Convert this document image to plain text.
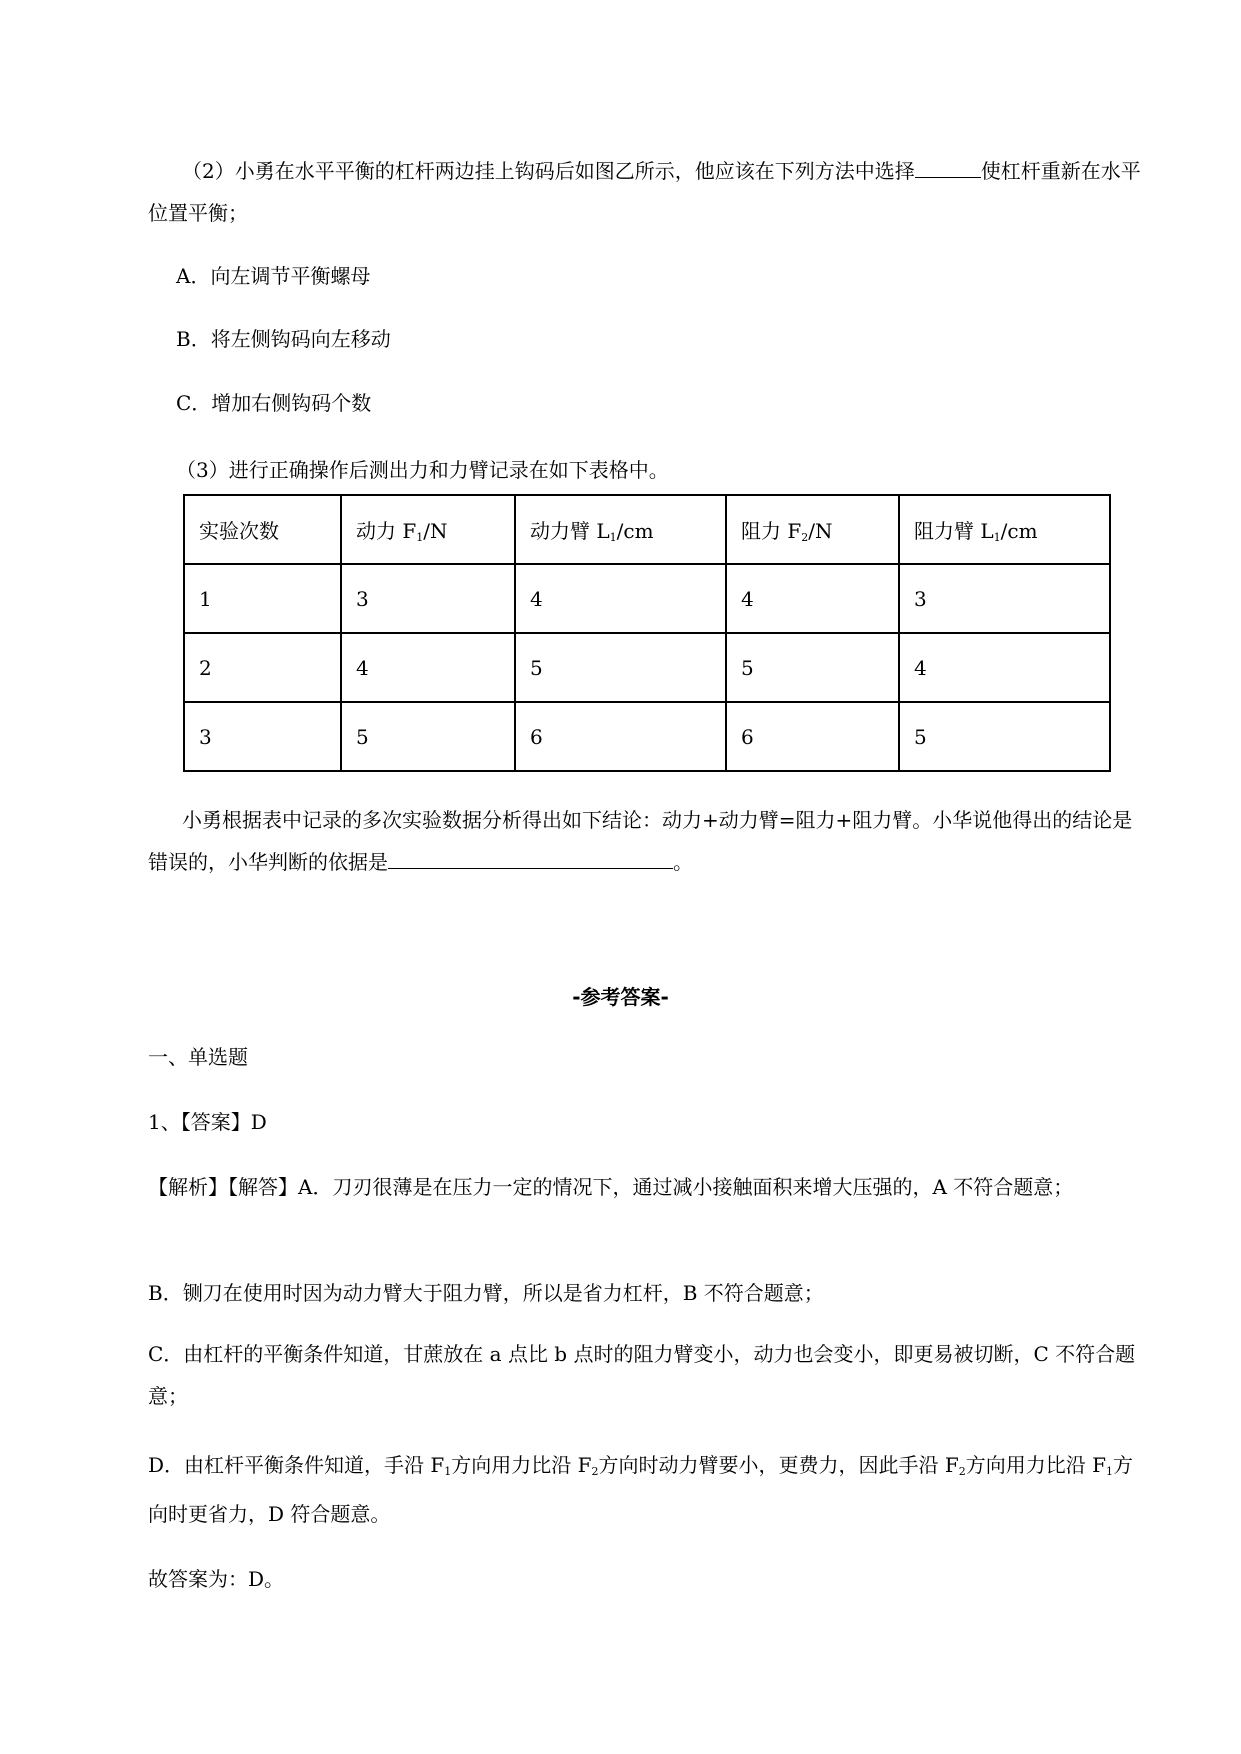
（2）小勇在水平平衡的杠杆两边挂上钩码后如图乙所示，他应该在下列方法中选择	使杠杆重新在水平位置平衡；
A．向左调节平衡螺母
B．将左侧钩码向左移动
C．增加右侧钩码个数
（3）进行正确操作后测出力和力臂记录在如下表格中。
实验次数	动力 $F_1/N$	动力臂 $L_1/cm$	阻力 $F_2/N$	阻力臂 $L_1/cm$
1	3	4	4	3
2	4	5	5	4
3	5	6	6	5
小勇根据表中记录的多次实验数据分析得出如下结论：动力+动力臂=阻力+阻力臂。小华说他得出的结论是错误的，小华判断的依据是	。
-参考答案-
一、单选题
1、【答案】D
【解析】【解答】A．刀刃很薄是在压力一定的情况下，通过减小接触面积来增大压强的，A 不符合题意；
B．铡刀在使用时因为动力臂大于阻力臂，所以是省力杠杆，B 不符合题意；
C．由杠杆的平衡条件知道，甘蔗放在 a 点比 b 点时的阻力臂变小，动力也会变小，即更易被切断，C 不符合题意；
D．由杠杆平衡条件知道，手沿 $F_1$方向用力比沿 $F_2$方向时动力臂要小，更费力，因此手沿 $F_2$方向用力比沿 $F_1$方向时更省力，D 符合题意。
故答案为：D。
